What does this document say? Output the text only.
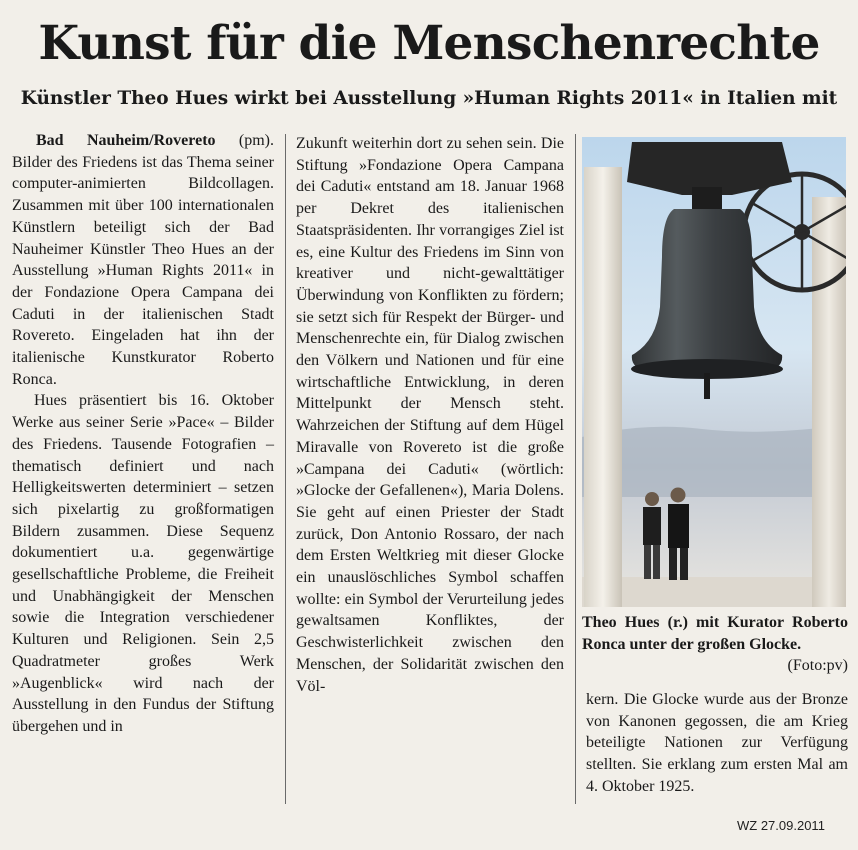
Kunst für die Menschenrechte
Künstler Theo Hues wirkt bei Ausstellung »Human Rights 2011« in Italien mit

Bad Nauheim/Rovereto (pm). Bilder des Friedens ist das Thema seiner computer-animierten Bildcollagen. Zusammen mit über 100 internationalen Künstlern beteiligt sich der Bad Nauheimer Künstler Theo Hues an der Ausstellung »Human Rights 2011« in der Fondazione Opera Campana dei Caduti in der italienischen Stadt Rovereto. Eingeladen hat ihn der italienische Kunstkurator Roberto Ronca.

Hues präsentiert bis 16. Oktober Werke aus seiner Serie »Pace« – Bilder des Friedens. Tausende Fotografien – thematisch definiert und nach Helligkeitswerten determiniert – setzen sich pixelartig zu großformatigen Bildern zusammen. Diese Sequenz dokumentiert u.a. gegenwärtige gesellschaftliche Probleme, die Freiheit und Unabhängigkeit der Menschen sowie die Integration verschiedener Kulturen und Religionen. Sein 2,5 Quadratmeter großes Werk »Augenblick« wird nach der Ausstellung in den Fundus der Stiftung übergehen und in

Zukunft weiterhin dort zu sehen sein. Die Stiftung »Fondazione Opera Campana dei Caduti« entstand am 18. Januar 1968 per Dekret des italienischen Staatspräsidenten. Ihr vorrangiges Ziel ist es, eine Kultur des Friedens im Sinn von kreativer und nicht-gewalttätiger Überwindung von Konflikten zu fördern; sie setzt sich für Respekt der Bürger- und Menschenrechte ein, für Dialog zwischen den Völkern und Nationen und für eine wirtschaftliche Entwicklung, in deren Mittelpunkt der Mensch steht. Wahrzeichen der Stiftung auf dem Hügel Miravalle von Rovereto ist die große »Campana dei Caduti« (wörtlich: »Glocke der Gefallenen«), Maria Dolens. Sie geht auf einen Priester der Stadt zurück, Don Antonio Rossaro, der nach dem Ersten Weltkrieg mit dieser Glocke ein unauslöschliches Symbol schaffen wollte: ein Symbol der Verurteilung jedes gewaltsamen Konfliktes, der Geschwisterlichkeit zwischen den Menschen, der Solidarität zwischen den Völ-

Theo Hues (r.) mit Kurator Roberto Ronca unter der großen Glocke.
(Foto:pv)

kern. Die Glocke wurde aus der Bronze von Kanonen gegossen, die am Krieg beteiligte Nationen zur Verfügung stellten. Sie erklang zum ersten Mal am 4. Oktober 1925.

WZ 27.09.2011
